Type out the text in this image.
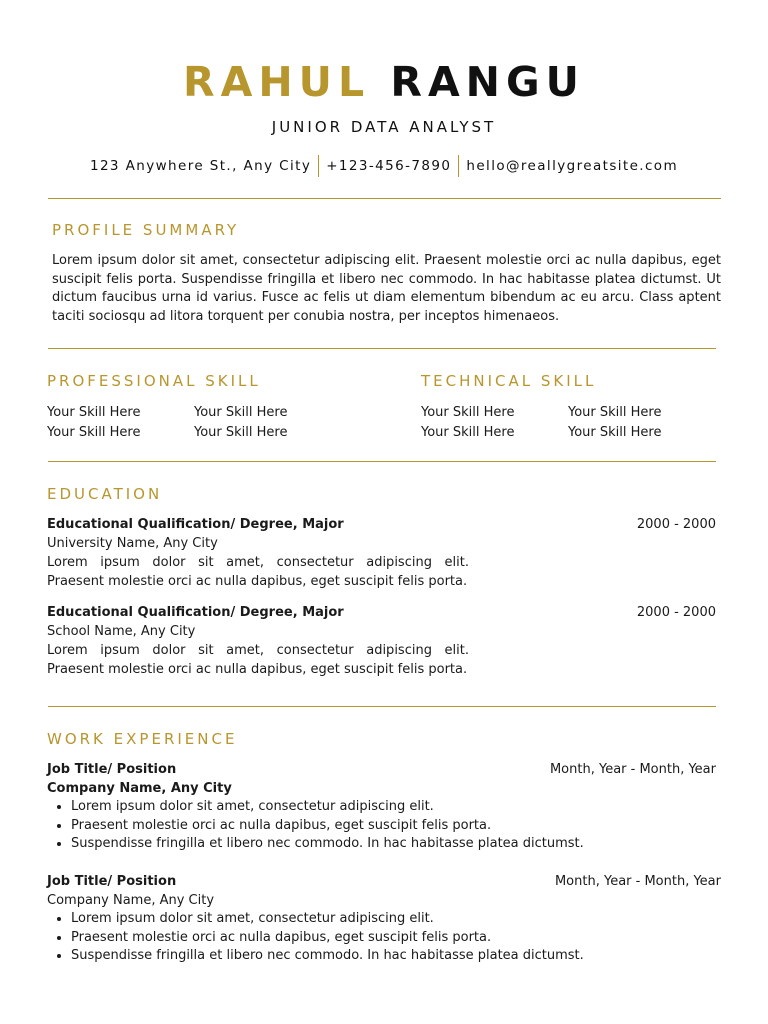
RAHUL RANGU
JUNIOR DATA ANALYST
123 Anywhere St., Any City +123-456-7890 hello@reallygreatsite.com
PROFILE SUMMARY
Lorem ipsum dolor sit amet, consectetur adipiscing elit. Praesent molestie orci ac nulla dapibus, eget suscipit felis porta. Suspendisse fringilla et libero nec commodo. In hac habitasse platea dictumst. Ut dictum faucibus urna id varius. Fusce ac felis ut diam elementum bibendum ac eu arcu. Class aptent taciti sociosqu ad litora torquent per conubia nostra, per inceptos himenaeos.
PROFESSIONAL SKILL
Your Skill Here	Your Skill Here
Your Skill Here	Your Skill Here
TECHNICAL SKILL
Your Skill Here	Your Skill Here
Your Skill Here	Your Skill Here
EDUCATION
Educational Qualification/ Degree, Major	2000 - 2000
University Name, Any City
Lorem ipsum dolor sit amet, consectetur adipiscing elit. Praesent molestie orci ac nulla dapibus, eget suscipit felis porta.
Educational Qualification/ Degree, Major	2000 - 2000
School Name, Any City
Lorem ipsum dolor sit amet, consectetur adipiscing elit. Praesent molestie orci ac nulla dapibus, eget suscipit felis porta.
WORK EXPERIENCE
Job Title/ Position	Month, Year - Month, Year
Company Name, Any City
• Lorem ipsum dolor sit amet, consectetur adipiscing elit.
• Praesent molestie orci ac nulla dapibus, eget suscipit felis porta.
• Suspendisse fringilla et libero nec commodo. In hac habitasse platea dictumst.
Job Title/ Position	Month, Year - Month, Year
Company Name, Any City
• Lorem ipsum dolor sit amet, consectetur adipiscing elit.
• Praesent molestie orci ac nulla dapibus, eget suscipit felis porta.
• Suspendisse fringilla et libero nec commodo. In hac habitasse platea dictumst.
